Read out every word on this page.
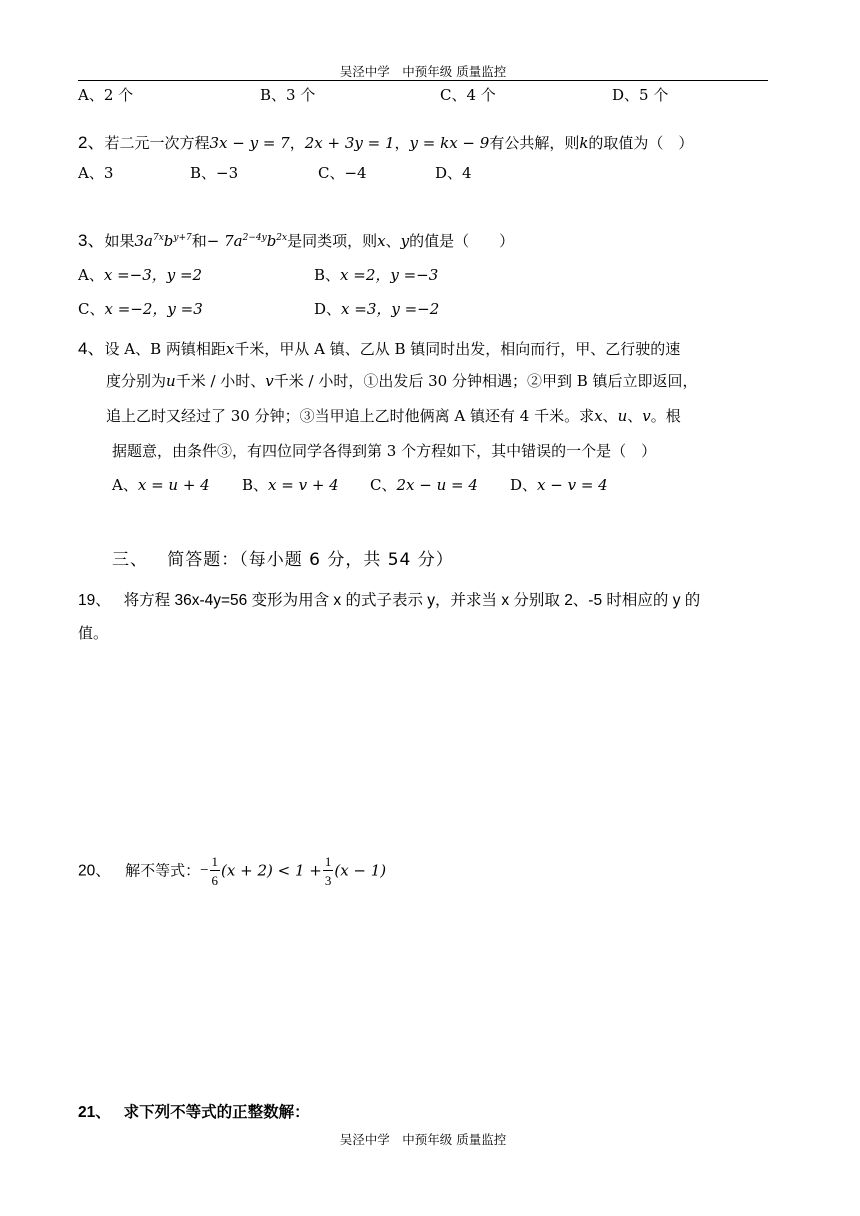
吴泾中学　中预年级 质量监控
A、2 个	B、3 个	C、4 个	D、5 个
2、若二元一次方程3x − y = 7，2x + 3y = 1，y = kx − 9有公共解，则k的取值为（　）
A、3	B、−3	C、−4	D、4
3、如果$3a^{7x}b^{y+7}$和− $7a^{2-4y}b^{2x}$是同类项，则x、y的值是（　　）
A、x =−3，y =2	B、x =2，y =−3
C、x =−2，y =3	D、x =3，y =−2
4、设 A、B 两镇相距x千米，甲从 A 镇、乙从 B 镇同时出发，相向而行，甲、乙行驶的速
度分别为u千米 / 小时、v千米 / 小时，①出发后 30 分钟相遇；②甲到 B 镇后立即返回，
追上乙时又经过了 30 分钟；③当甲追上乙时他俩离 A 镇还有 4 千米。求x、u、v。根
据题意，由条件③，有四位同学各得到第 3 个方程如下，其中错误的一个是（　）
A、x = u + 4 B、x = v + 4 C、2x − u = 4 D、x − v = 4
三、 简答题：（每小题 6 分，共 54 分）
19、 将方程 36x-4y=56 变形为用含 x 的式子表示 y，并求当 x 分别取 2、-5 时相应的 y 的
值。
20、 解不等式：− $\frac{1}{6} (x + 2) < 1 + \frac{1}{3} (x - 1)$
21、 求下列不等式的正整数解：
吴泾中学　中预年级 质量监控
